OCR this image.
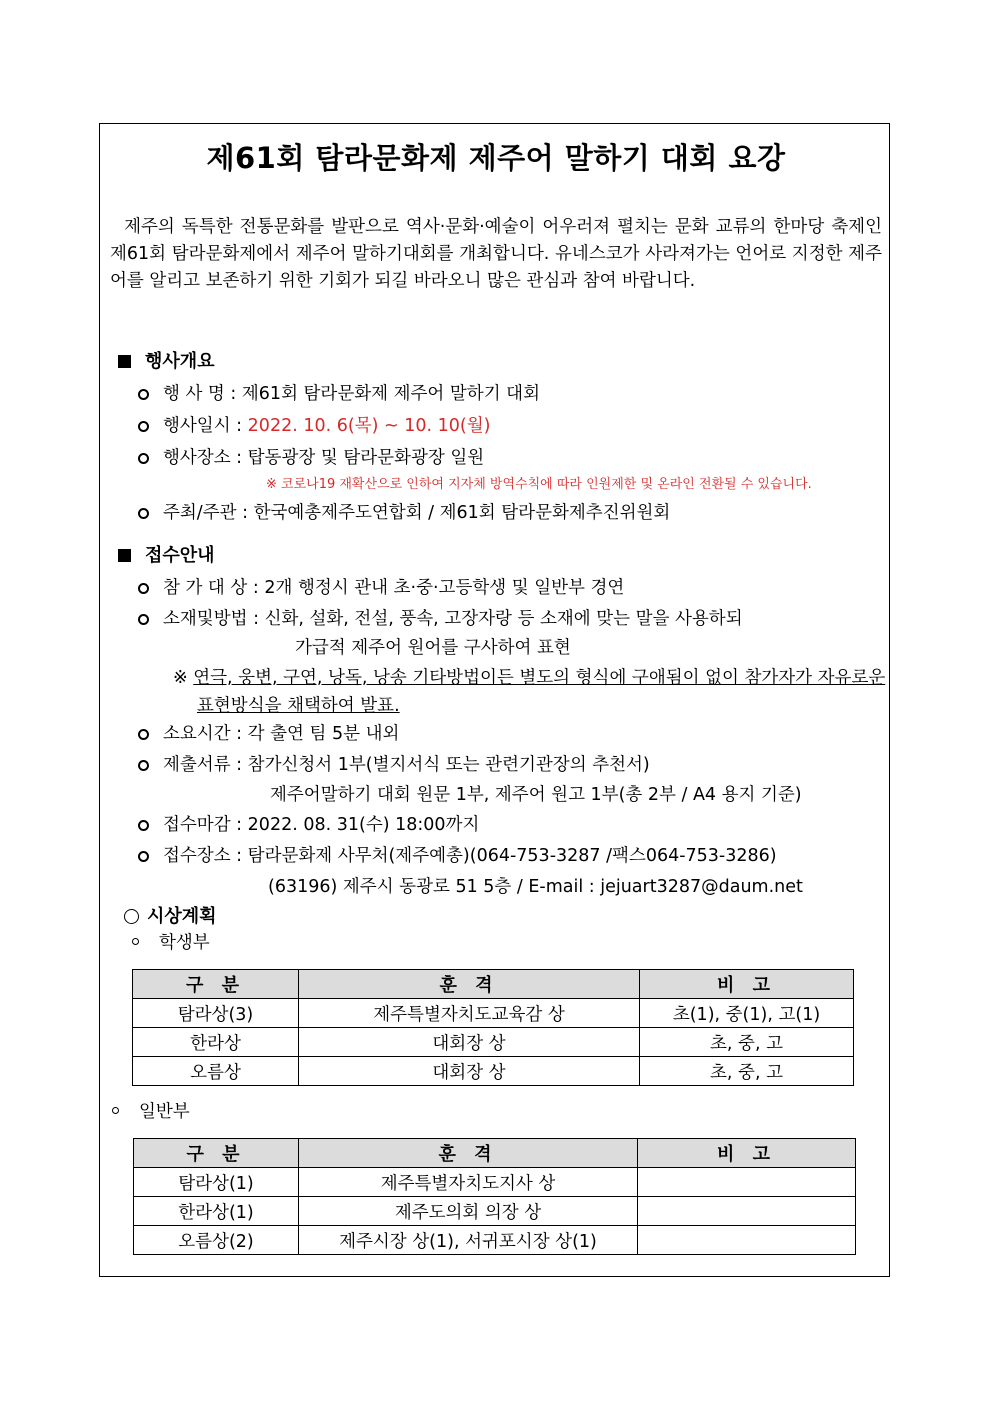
제61회 탐라문화제 제주어 말하기 대회 요강
제주의 독특한 전통문화를 발판으로 역사·문화·예술이 어우러져 펼치는 문화 교류의 한마당 축제인 제61회 탐라문화제에서 제주어 말하기대회를 개최합니다. 유네스코가 사라져가는 언어로 지정한 제주어를 알리고 보존하기 위한 기회가 되길 바라오니 많은 관심과 참여 바랍니다.
행사개요
행 사 명 : 제61회 탐라문화제 제주어 말하기 대회
행사일시 : 2022. 10. 6(목) ~ 10. 10(월)
행사장소 : 탑동광장 및 탐라문화광장 일원
※ 코로나19 재확산으로 인하여 지자체 방역수칙에 따라 인원제한 및 온라인 전환될 수 있습니다.
주최/주관 : 한국예총제주도연합회 / 제61회 탐라문화제추진위원회
접수안내
참 가 대 상 : 2개 행정시 관내 초·중·고등학생 및 일반부 경연
소재및방법 : 신화, 설화, 전설, 풍속, 고장자랑 등 소재에 맞는 말을 사용하되
가급적 제주어 원어를 구사하여 표현
※ 연극, 웅변, 구연, 낭독, 낭송 기타방법이든 별도의 형식에 구애됨이 없이 참가자가 자유로운
표현방식을 채택하여 발표.
소요시간 : 각 출연 팀 5분 내외
제출서류 : 참가신청서 1부(별지서식 또는 관련기관장의 추천서)
제주어말하기 대회 원문 1부, 제주어 원고 1부(총 2부 / A4 용지 기준)
접수마감 : 2022. 08. 31(수) 18:00까지
접수장소 : 탐라문화제 사무처(제주예총)(064-753-3287 /팩스064-753-3286)
(63196) 제주시 동광로 51 5층 / E-mail : jejuart3287@daum.net
시상계획
학생부
구 분	훈 격	비 고
탐라상(3)	제주특별자치도교육감 상	초(1), 중(1), 고(1)
한라상	대회장 상	초, 중, 고
오름상	대회장 상	초, 중, 고
일반부
구 분	훈 격	비 고
탐라상(1)	제주특별자치도지사 상	
한라상(1)	제주도의회 의장 상	
오름상(2)	제주시장 상(1), 서귀포시장 상(1)	
